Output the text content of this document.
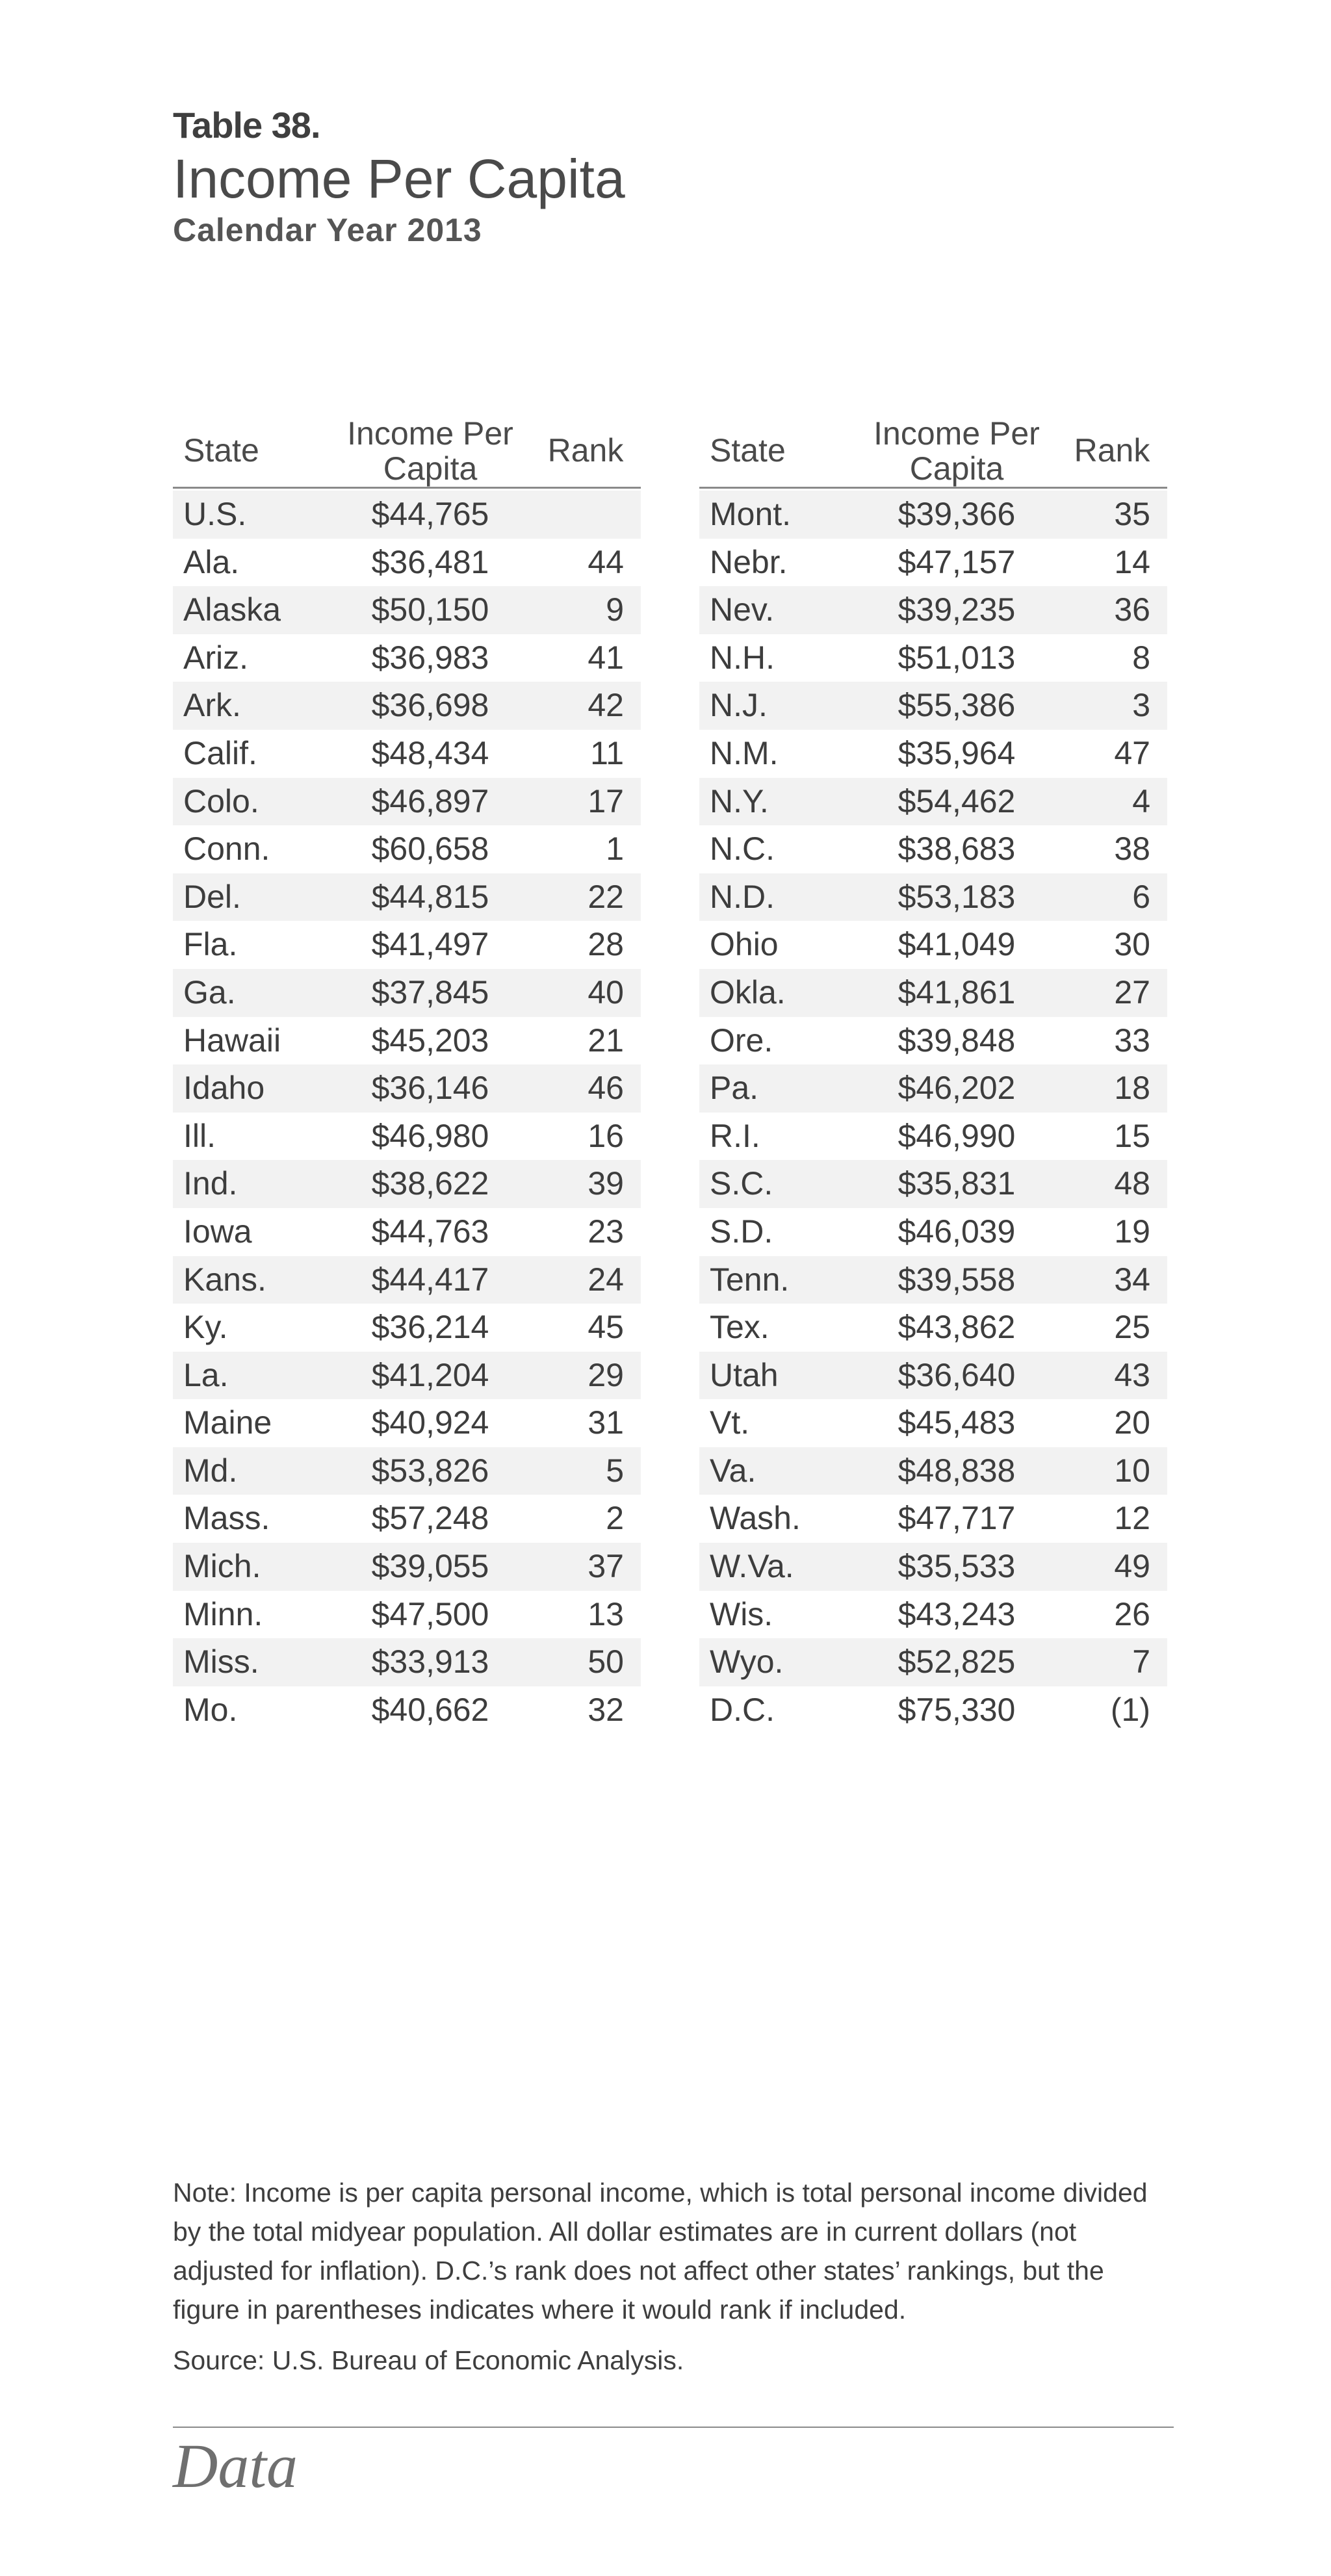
Table 38.
Income Per Capita
Calendar Year 2013
State	Income Per Capita	Rank
U.S.	$44,765
Ala.	$36,481	44
Alaska	$50,150	9
Ariz.	$36,983	41
Ark.	$36,698	42
Calif.	$48,434	11
Colo.	$46,897	17
Conn.	$60,658	1
Del.	$44,815	22
Fla.	$41,497	28
Ga.	$37,845	40
Hawaii	$45,203	21
Idaho	$36,146	46
Ill.	$46,980	16
Ind.	$38,622	39
Iowa	$44,763	23
Kans.	$44,417	24
Ky.	$36,214	45
La.	$41,204	29
Maine	$40,924	31
Md.	$53,826	5
Mass.	$57,248	2
Mich.	$39,055	37
Minn.	$47,500	13
Miss.	$33,913	50
Mo.	$40,662	32
State	Income Per Capita	Rank
Mont.	$39,366	35
Nebr.	$47,157	14
Nev.	$39,235	36
N.H.	$51,013	8
N.J.	$55,386	3
N.M.	$35,964	47
N.Y.	$54,462	4
N.C.	$38,683	38
N.D.	$53,183	6
Ohio	$41,049	30
Okla.	$41,861	27
Ore.	$39,848	33
Pa.	$46,202	18
R.I.	$46,990	15
S.C.	$35,831	48
S.D.	$46,039	19
Tenn.	$39,558	34
Tex.	$43,862	25
Utah	$36,640	43
Vt.	$45,483	20
Va.	$48,838	10
Wash.	$47,717	12
W.Va.	$35,533	49
Wis.	$43,243	26
Wyo.	$52,825	7
D.C.	$75,330	(1)

Note: Income is per capita personal income, which is total personal income divided by the total midyear population. All dollar estimates are in current dollars (not adjusted for inflation). D.C.’s rank does not affect other states’ rankings, but the figure in parentheses indicates where it would rank if included.

Source: U.S. Bureau of Economic Analysis.

Data
